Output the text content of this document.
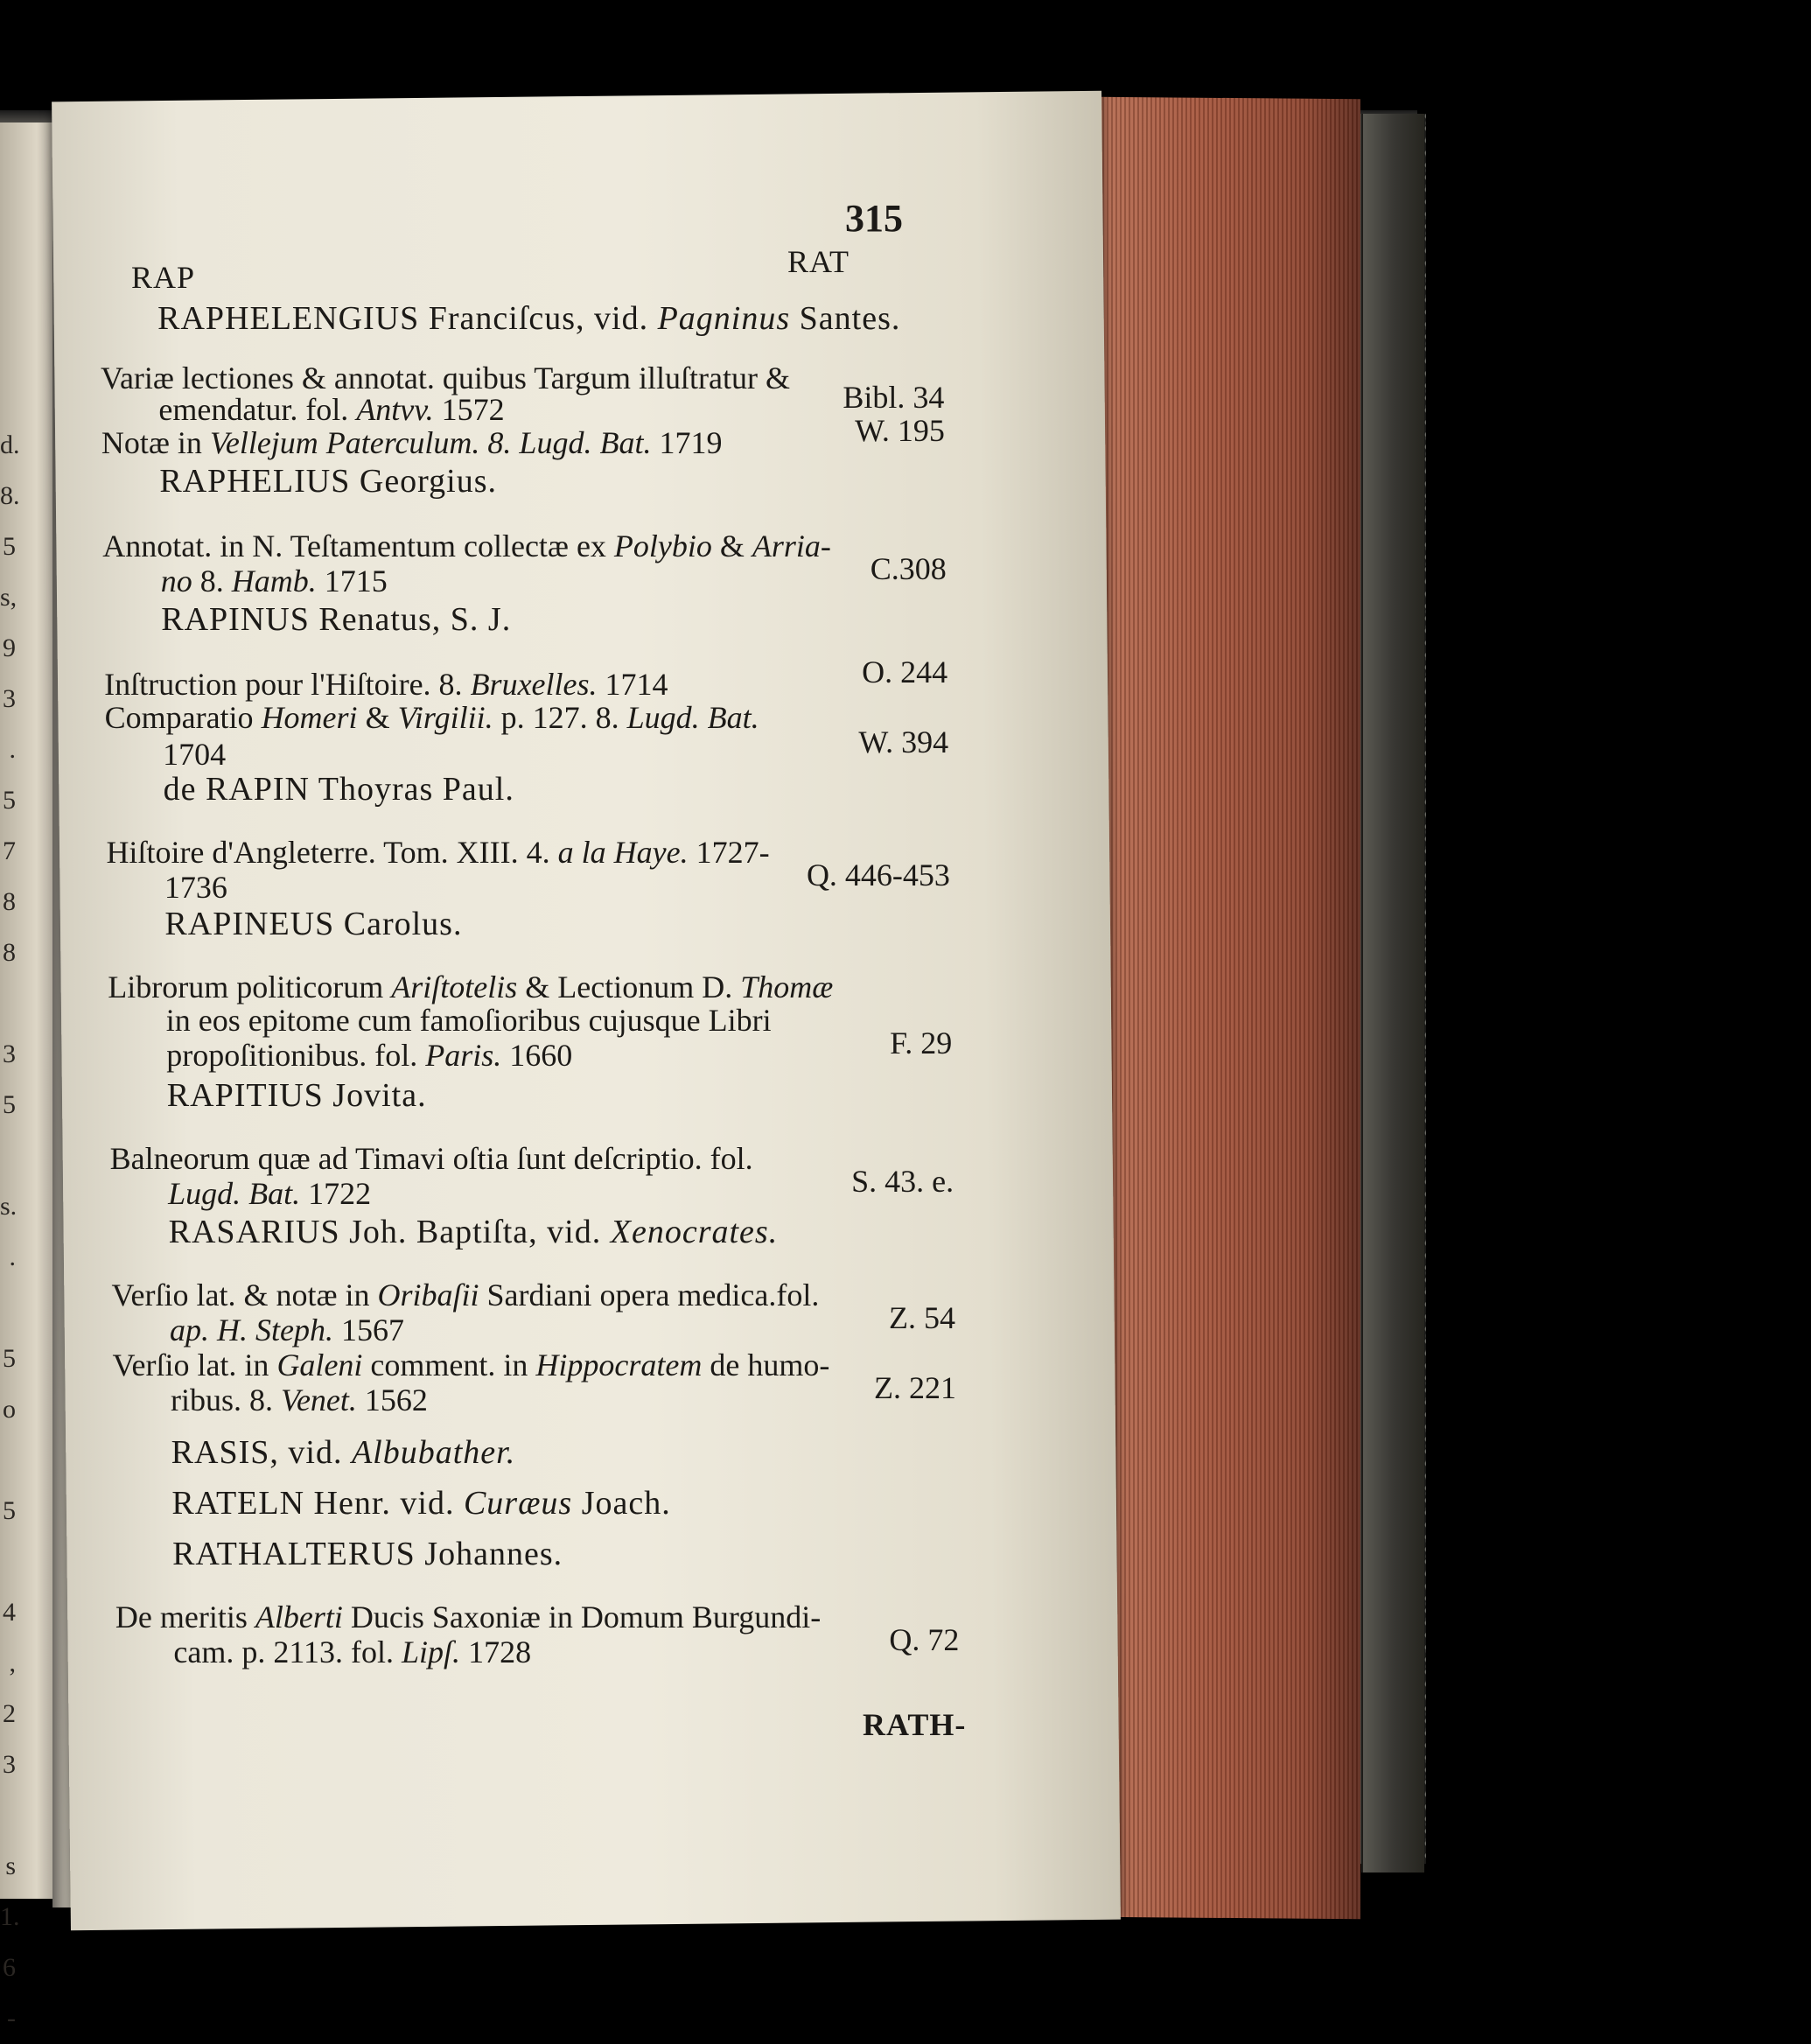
d.
8.
5
s,
9
3
.
5
7
8
8

3
5

s.
.

5
o

5

4
,
2
3

s
1.
6
-
315
RAP	RAT
RAPHELENGIUS Franciſcus, vid. Pagninus Santes.
Variæ lectiones & annotat. quibus Targum illuſtratur &
emendatur. fol. Antvv. 1572	Bibl. 34
Notæ in Vellejum Paterculum. 8. Lugd. Bat. 1719	W. 195
RAPHELIUS Georgius.
Annotat. in N. Teſtamentum collectæ ex Polybio & Arria-
no 8. Hamb. 1715	C.308
RAPINUS Renatus, S. J.
Inſtruction pour l'Hiſtoire. 8. Bruxelles. 1714	O. 244
Comparatio Homeri & Virgilii. p. 127. 8. Lugd. Bat.
1704	W. 394
de RAPIN Thoyras Paul.
Hiſtoire d'Angleterre. Tom. XIII. 4. a la Haye. 1727-
1736	Q. 446-453
RAPINEUS Carolus.
Librorum politicorum Ariſtotelis & Lectionum D. Thomæ
in eos epitome cum famoſioribus cujusque Libri
propoſitionibus. fol. Paris. 1660	F. 29
RAPITIUS Jovita.
Balneorum quæ ad Timavi oſtia ſunt deſcriptio. fol.
Lugd. Bat. 1722	S. 43. e.
RASARIUS Joh. Baptiſta, vid. Xenocrates.
Verſio lat. & notæ in Oribaſii Sardiani opera medica.fol.
ap. H. Steph. 1567	Z. 54
Verſio lat. in Galeni comment. in Hippocratem de humo-
ribus. 8. Venet. 1562	Z. 221
RASIS, vid. Albubather.
RATELN Henr. vid. Curæus Joach.
RATHALTERUS Johannes.
De meritis Alberti Ducis Saxoniæ in Domum Burgundi-
cam. p. 2113. fol. Lipſ. 1728	Q. 72
RATH-
